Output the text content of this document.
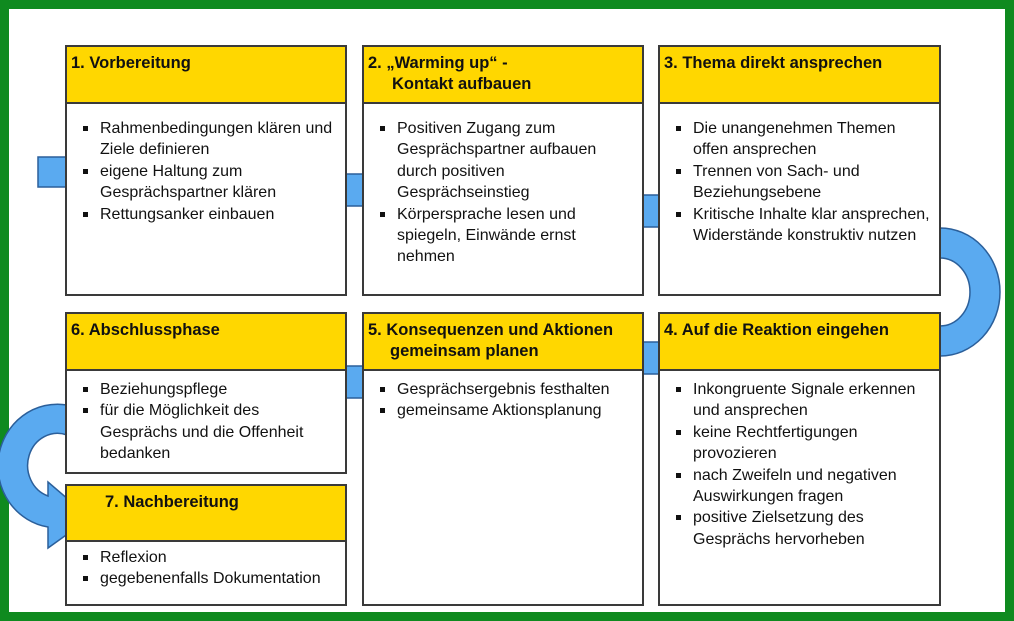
1. Vorbereitung
Rahmenbedingungen klären und Ziele definieren
eigene Haltung zum Gesprächspartner klären
Rettungsanker einbauen
2. „Warming up“ -
Kontakt aufbauen
Positiven Zugang zum Gesprächspartner aufbauen durch positiven Gesprächseinstieg
Körpersprache lesen und spiegeln, Einwände ernst nehmen
3. Thema direkt ansprechen
Die unangenehmen Themen offen ansprechen
Trennen von Sach- und Beziehungsebene
Kritische Inhalte klar ansprechen, Widerstände konstruktiv nutzen
6. Abschlussphase
Beziehungspflege
für die Möglichkeit des Gesprächs und die Offenheit bedanken
7. Nachbereitung
Reflexion
gegebenenfalls Dokumentation
5. Konsequenzen und Aktionen
gemeinsam planen
Gesprächsergebnis festhalten
gemeinsame Aktionsplanung
4. Auf die Reaktion eingehen
Inkongruente Signale erkennen und ansprechen
keine Rechtfertigungen provozieren
nach Zweifeln und negativen Auswirkungen fragen
positive Zielsetzung des Gesprächs hervorheben
